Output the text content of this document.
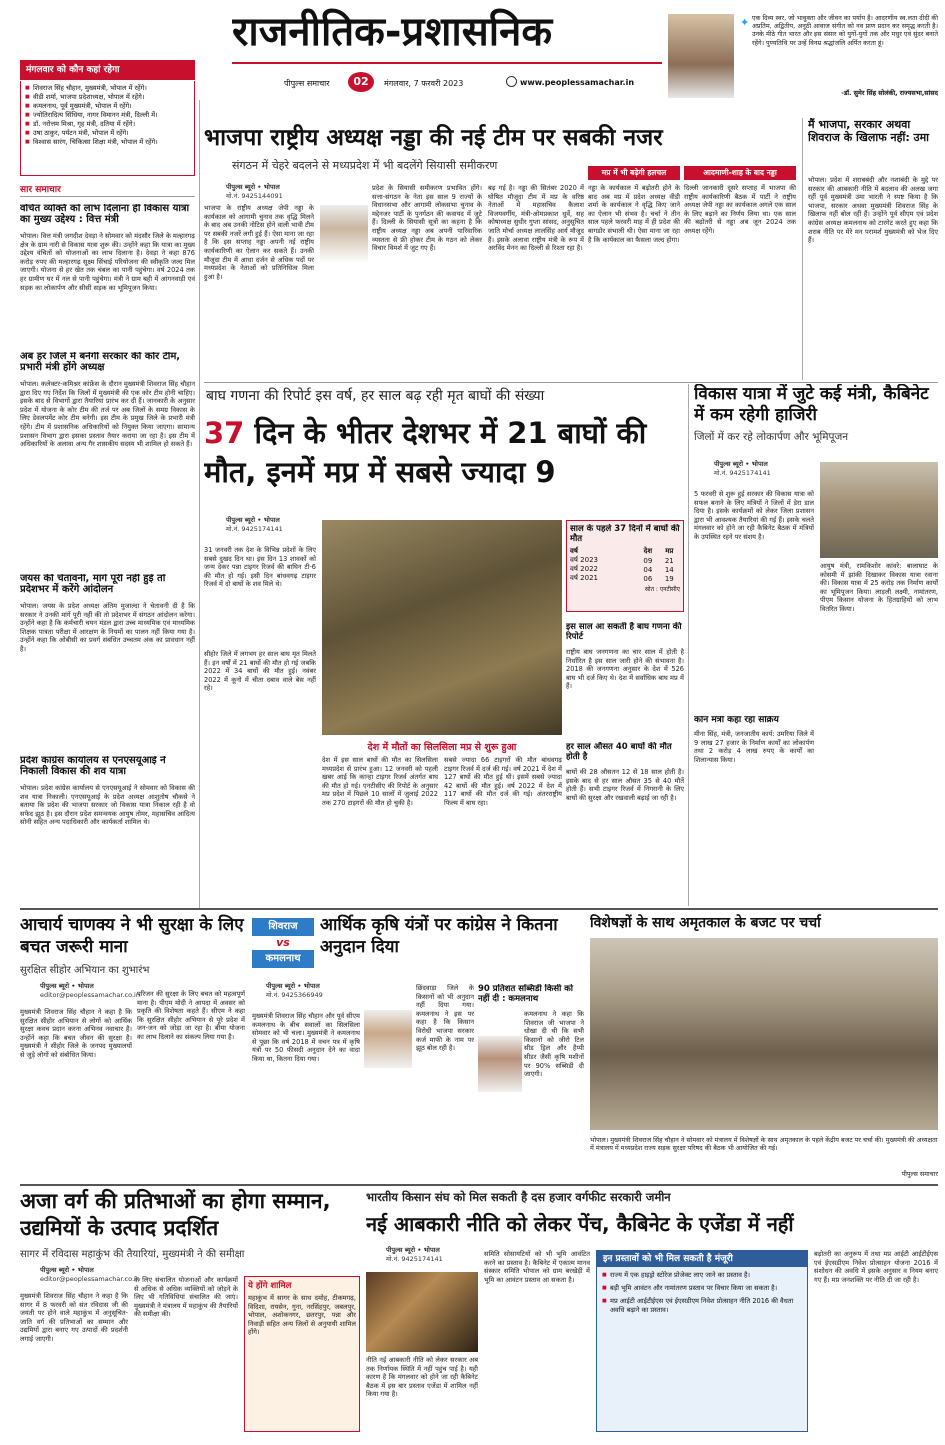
राजनीतिक-प्रशासनिक
पीपुल्स समाचार	02	मंगलवार, 7 फरवरी 2023	www.peoplessamachar.in
मंगलवार को कौन कहां रहेगा
✦ एक दिव्य स्वर, जो भावुक्ता और जीवन का पर्याय है। आदरणीय स्व.लता दीदी की अप्रतिम, अद्वितीय, अनूठी आवाज संगीत को नव प्राण प्रदान कर समृद्ध करती है। उनके मीठे गीत भारत और इस संसार को युगों-युगों तक और मधुर एवं सुंदर बनाते रहेंगे। पुण्यतिथि पर उन्हें विनम्र श्रद्धांजलि अर्पित करता हूं।
-डॉ. सुमेर सिंह सोलंकी, राज्यसभा,सांसद
■ शिवराज सिंह चौहान, मुख्यमंत्री, भोपाल में रहेंगे।
■ वीडी शर्मा, भाजपा प्रदेशाध्यक्ष, भोपाल में रहेंगे।
■ कमलनाथ, पूर्व मुख्यमंत्री, भोपाल में रहेंगे।
■ ज्योतिरादित्य सिंधिया, नागर विमानन मंत्री, दिल्ली में।
■ डॉ. नरोत्तम मिश्रा, गृह मंत्री, दतिया में रहेंगे।
■ उषा ठाकुर, पर्यटन मंत्री, भोपाल में रहेंगे।
■ विश्वास सारंग, चिकित्सा शिक्षा मंत्री, भोपाल में रहेंगे।
सार समाचार
वंचित व्यक्ति को लाभ दिलाना ही विकास यात्रा का मुख्य उद्देश्य : वित्त मंत्री
भोपाल। वित्त मंत्री जगदीश देवड़ा ने सोमवार को मंदसौर जिले के मल्हारगढ़ क्षेत्र के ग्राम नारी से विकास यात्रा शुरू की। उन्होंने कहा कि यात्रा का मुख्य उद्देश्य वंचितों को योजनाओं का लाभ दिलाना है। देवड़ा ने कहा 876 करोड़ रुपए की मल्हारगढ़ सूक्ष्म सिंचाई परियोजना की स्वीकृति जल्द मिल जाएगी। योजना से हर खेत तक चंबल का पानी पहुंचेगा। वर्ष 2024 तक हर ग्रामीण घर में नल से पानी पहुंचेगा। मंत्री ने ग्राम बही में आंगनवाड़ी एवं सड़क का लोकार्पण और सीसी सड़क का भूमिपूजन किया।
अब हर जिले में बनेगी सरकार की कोर टीम, प्रभारी मंत्री होंगे अध्यक्ष
भोपाल। कलेक्टर-कमिश्नर कांफ्रेंस के दौरान मुख्यमंत्री शिवराज सिंह चौहान द्वारा दिए गए निर्देश कि जिलों में मुख्यमंत्री की एक कोर टीम होनी चाहिए। इसके बाद से विभागों द्वारा तैयारियां प्रारंभ कर दी हैं। जानकारी के अनुसार प्रदेश में योजना के कोर टीम की तर्ज पर अब जिलों के समग्र विकास के लिए डेवलपमेंट कोर टीम बनेगी। इस टीम के प्रमुख जिले के प्रभारी मंत्री रहेंगे। टीम में प्रशासनिक अधिकारियों को नियुक्त किया जाएगा। सामान्य प्रशासन विभाग द्वारा इसका प्रस्ताव तैयार कराया जा रहा है। इस टीम में अधिकारियों के अलावा अन्य गैर शासकीय सदस्य भी शामिल हो सकते हैं।
जयस की चेतावनी, मांगें पूरी नहीं हुई तो प्रदेशभर में करेंगे आंदोलन
भोपाल। जयस के प्रदेश अध्यक्ष अंतिम मुजाल्दा ने चेतावनी दी है कि सरकार ने उनकी मांगें पूरी नहीं की तो प्रदेशभर में संगठन आंदोलन करेगा। उन्होंने कहा है कि कर्मचारी चयन मंडल द्वारा उच्च माध्यमिक एवं माध्यमिक शिक्षक पात्रता परीक्षा में आरक्षण के नियमों का पालन नहीं किया गया है। उन्होंने कहा कि ओबीसी का प्रवर्ग संबंधित उच्चतम अंक का प्रावधान नहीं है।
प्रदेश कांग्रेस कार्यालय से एनएसयूआई ने निकाली विकास की शव यात्रा
भोपाल। प्रदेश कांग्रेस कार्यालय से एनएसयूआई ने सोमवार को विकास की शव यात्रा निकाली। एनएसयूआई के प्रदेश अध्यक्ष आशुतोष चौकसे ने बताया कि प्रदेश की भाजपा सरकार जो विकास यात्रा निकाल रही है वो सफेद झूठ है। इस दौरान प्रदेश समन्वयक आयुष तोमर, महासचिव आदित्य सोनी सहित अन्य पदाधिकारी और कार्यकर्ता शामिल थे।
भाजपा राष्ट्रीय अध्यक्ष नड्डा की नई टीम पर सबकी नजर
संगठन में चेहरे बदलने से मध्यप्रदेश में भी बदलेंगे सियासी समीकरण
पीपुल्स ब्यूरो • भोपाल
मो.नं. 9425144091
भाजपा के राष्ट्रीय अध्यक्ष जेपी नड्डा के कार्यकाल को आगामी चुनाव तक वृद्धि मिलने के बाद अब उनकी नोटिस होने वाली भावी टीम पर सबकी नजरें लगी हुई हैं। ऐसा माना जा रहा है कि इस सप्ताह नड्डा अपनी नई राष्ट्रीय कार्यकारिणी का ऐलान कर सकते हैं। उनकी मौजूदा टीम में आधा दर्जन से अधिक पदों पर मध्यप्रदेश के नेताओं को प्रतिनिधित्व मिला हुआ है।
प्रदेश के सियासी समीकरण प्रभावित होंगे। सत्ता-संगठन के नेता इस साल 9 राज्यों के विधानसभा और आगामी लोकसभा चुनाव के मद्देनजर पार्टी के पुनर्गठन की कवायद में जुटे हैं। दिल्ली के सियासी सूत्रों का कहना है कि राष्ट्रीय अध्यक्ष नड्डा अब अपनी पारिवारिक व्यस्तता से फ्री होकर टीम के गठन को लेकर विचार विमर्श में जुट गए हैं।
बढ़ गई है। नड्डा की सितंबर 2020 में घोषित मौजूदा टीम में मप्र के वरिष्ठ नेताओं में महासचिव कैलाश विजयवर्गीय, मंत्री-ओमप्रकाश धुर्वे, सह कोषाध्यक्ष सुधीर गुप्ता सांसद, अनुसूचित जाति मोर्चा अध्यक्ष लालसिंह आर्य मौजूद हैं। इसके अलावा राष्ट्रीय मंत्री के रूप में अरविंद मेनन का दिल्ली से रिश्ता रहा है।
मप्र में भी बढ़ेगी हलचल
नड्डा के कार्यकाल में बढ़ोतरी होने के बाद अब मप्र में प्रदेश अध्यक्ष वीडी शर्मा के कार्यकाल ने वृद्धि किए जाने का ऐलान भी संभव है। चर्चा ने तीन साल पहले फरवरी माह में ही प्रदेश की बागडोर संभाली थी। ऐसा माना जा रहा है कि कार्यकाल का फैसला जल्द होगा।
आदमाणी-शाह के बाद नड्डा
दिल्ली जानकारी दूसरे सप्ताह में भाजपा की राष्ट्रीय कार्यकारिणी बैठक में पार्टी ने राष्ट्रीय अध्यक्ष जेपी नड्डा का कार्यकाल अगले एक साल के लिए बढ़ाने का निर्णय लिया था। एक साल की बढ़ोतरी से नड्डा अब जून 2024 तक अध्यक्ष रहेंगे।
मैं भाजपा, सरकार अथवा शिवराज के खिलाफ नहीं: उमा
भोपाल। प्रदेश में शराबबंदी और नशाबंदी के मुद्दे पर सरकार की आबकारी नीति में बदलाव की अलख जगा रहीं पूर्व मुख्यमंत्री उमा भारती ने स्पष्ट किया है कि भाजपा, सरकार अथवा मुख्यमंत्री शिवराज सिंह के खिलाफ नहीं बोल रहीं हैं। उन्होंने पूर्व सीएम एवं प्रदेश कांग्रेस अध्यक्ष कमलनाथ को टारगेट करते हुए कहा कि शराब नीति पर मेरे मन परामर्श मुख्यमंत्री को भेज दिए हैं।
बाघ गणना की रिपोर्ट इस वर्ष, हर साल बढ़ रही मृत बाघों की संख्या
37 दिन के भीतर देशभर में 21 बाघों की मौत, इनमें मप्र में सबसे ज्यादा 9
पीपुल्स ब्यूरो • भोपाल
मो.नं. 9425174141
31 जनवरी तक देश के विभिन्न प्रदेशों के लिए सबसे दुखद दिन था। इस दिन 13 शावकों को जन्म देकर पन्ना टाइगर रिजर्व की बाघिन टी-6 की मौत हो गई। इसी दिन बांधवगढ़ टाइगर रिजर्व में दो बाघों के शव मिले थे।
सीहोर जिले में लगभग हर साल बाघ मृत मिलते हैं। इन वर्षों में 21 बाघों की मौत हो गई जबकि 2022 में 34 बाघों की मौत हुई। नवंबर 2022 में कूनो में चीता दबाव वाले बेस नहीं रहे।
देश में मौतों का सिलसिला मप्र से शुरू हुआ
देश में इस साल बाघों की मौत का सिलसिला मध्यप्रदेश से प्रारंभ हुआ। 12 जनवरी को पहली खबर आई कि कान्हा टाइगर रिजर्व अंतर्गत बाघ की मौत हो गई। एनटीसीए की रिपोर्ट के अनुसार मप्र प्रदेश में पिछले 10 सालों में जुलाई 2022 तक 270 टाइगरों की मौत हो चुकी है।
सबसे ज्यादा 66 टाइगरों की मौत बांधवगढ़ टाइगर रिजर्व में दर्ज की गई। वर्ष 2021 में देश में 127 बाघों की मौत हुई थी। इसमें सबसे ज्यादा 42 बाघों की मौत हुई। वर्ष 2022 में देश में 117 बाघों की मौत दर्ज की गई। अंतरराष्ट्रीय फिल्म में बाघ रहा।
साल के पहले 37 दिनों में बाघों की मौत
वर्ष	देश	मप्र
वर्ष 2023	09	21
वर्ष 2022	04	14
वर्ष 2021	06	19
स्रोत : एनटीसीए
इस साल आ सकती है बाघ गणना की रिपोर्ट
राष्ट्रीय बाघ जनगणना का चार साल में होती है निर्धारित है इस साल जारी होने की संभावना है। 2018 की जनगणना अनुसार के देश में 526 बाघ भी दर्ज किए थे। देश में सर्वाधिक बाघ मप्र में हैं।
हर साल औसत 40 बाघों की मौत होती है
बाघों की 28 औसतन 12 से 18 साल होती है। इसके बाद से हर साल औसत 35 से 40 मौतें होती हैं। सभी टाइगर रिजर्व में निगरानी के लिए बाघों की सुरक्षा और रखवाली बढ़ाई जा रही है।
विकास यात्रा में जुटे कई मंत्री, कैबिनेट में कम रहेगी हाजिरी
जिलों में कर रहे लोकार्पण और भूमिपूजन
पीपुल्स ब्यूरो • भोपाल
मो.नं. 9425174141
5 फरवरी से शुरू हुई सरकार की विकास यात्रा को सफल बनाने के लिए मंत्रियों ने जिलों में डेरा डाल दिया है। इसके कार्यक्रमों को लेकर जिला प्रशासन द्वारा भी आवश्यक तैयारियां की गई हैं। इसके चलते मंगलवार को होने जा रही कैबिनेट बैठक में मंत्रियों के उपस्थित रहने पर संशय है।
कौन मंत्री कहां रहा सक्रिय
मीना सिंह, मंत्री, जनजातीय कार्य: उमरिया जिले में 9 लाख 27 हजार के निर्माण कार्यों का लोकार्पण तथा 2 करोड़ 4 लाख रुपए के कार्यों का शिलान्यास किया।
आयुष मंत्री, रामकिशोर कांवरे: बालाघाट के कोसमी में झांकी दिखाकर विकास यात्रा रवाना की। विकास यात्रा में 25 करोड़ तक निर्माण कार्यों का भूमिपूजन किया। लाड़ली लक्ष्मी, नामांतरण, पीएम किसान योजना के हितग्राहियों को लाभ वितरित किया।
आचार्य चाणक्य ने भी सुरक्षा के लिए बचत जरूरी माना
सुरक्षित सीहोर अभियान का शुभारंभ
पीपुल्स ब्यूरो • भोपाल
editor@peoplessamachar.co.in
मुख्यमंत्री शिवराज सिंह चौहान ने कहा है कि सुरक्षित सीहोर अभियान से लोगों को आर्थिक सुरक्षा कवच प्रदान करना अभिनव नवाचार है। उन्होंने कहा कि बचत जीवन की सुरक्षा है। मुख्यमंत्री ने सीहोर जिले के जनपद मुख्यालयों से जुड़े लोगों को संबोधित किया।
परिजन की सुरक्षा के लिए बचत को महत्वपूर्ण माना है। पीएम मोदी ने आपदा में अवसर को प्रकृति की विशेषता कहते हैं। सीएम ने कहा कि सुरक्षित सीहोर अभियान से पूरे प्रदेश में जन-जन को जोड़ा जा रहा है। बीमा योजना का लाभ दिलाने का संकल्प लिया गया है।
शिवराज
vs
कमलनाथ
आर्थिक कृषि यंत्रों पर कांग्रेस ने कितना अनुदान दिया
पीपुल्स ब्यूरो • भोपाल
मो.नं. 9425366949
मुख्यमंत्री शिवराज सिंह चौहान और पूर्व सीएम कमलनाथ के बीच सवालों का सिलसिला सोमवार को भी चला। मुख्यमंत्री ने कमलनाथ से पूछा कि वर्ष 2018 में वचन पत्र में कृषि यंत्रों पर 50 फीसदी अनुदान देने का वादा किया था, कितना दिया गया।
छिंदवाड़ा जिले के किसानों को भी अनुदान नहीं दिया गया। कमलनाथ ने इस पर कहा है कि किसान विरोधी भाजपा सरकार कर्ज माफी के नाम पर झूठ बोल रही है।
90 प्रतिशत सब्सिडी किसी को नहीं दी : कमलनाथ
कमलनाथ ने कहा कि शिवराज जी भाजपा ने धोखा दी थी कि सभी किसानों को जीरो टिल सीड ड्रिल और हैप्पी सीडर जैसी कृषि मशीनों पर 90% सब्सिडी दी जाएगी।
विशेषज्ञों के साथ अमृतकाल के बजट पर चर्चा
भोपाल। मुख्यमंत्री शिवराज सिंह चौहान ने सोमवार को मंत्रालय में विशेषज्ञों के साथ अमृतकाल के पहले केंद्रीय बजट पर चर्चा की। मुख्यमंत्री की अध्यक्षता में मंत्रालय में मध्यप्रदेश राज्य सड़क सुरक्षा परिषद की बैठक भी आयोजित की गई।
पीपुल्स समाचार
अजा वर्ग की प्रतिभाओं का होगा सम्मान, उद्यमियों के उत्पाद प्रदर्शित
सागर में रविदास महाकुंभ की तैयारियां, मुख्यमंत्री ने की समीक्षा
पीपुल्स ब्यूरो • भोपाल
editor@peoplessamachar.co.in
मुख्यमंत्री शिवराज सिंह चौहान ने कहा है कि सागर में 8 फरवरी को संत रविदास जी की जयंती पर होने वाले महाकुंभ में अनुसूचित-जाति वर्ग की प्रतिभाओं का सम्मान और उद्यमियों द्वारा बनाए गए उत्पादों की प्रदर्शनी लगाई जाएगी।
के लिए संचालित योजनाओं और कार्यक्रमों से अधिक से अधिक व्यक्तियों को जोड़ने के लिए भी गतिविधियां संचालित की जाएं। मुख्यमंत्री ने मंत्रालय में महाकुंभ की तैयारियों की समीक्षा की।
ये होंगे शामिल
महाकुंभ में सागर के साथ दमोह, टीकमगढ़, विदिशा, रायसेन, गुना, नरसिंहपुर, जबलपुर, भोपाल, अशोकनगर, छतरपुर, पन्ना और निवाड़ी सहित अन्य जिलों से अनुयायी शामिल होंगे।
भारतीय किसान संघ को मिल सकती है दस हजार वर्गफीट सरकारी जमीन
नई आबकारी नीति को लेकर पेंच, कैबिनेट के एजेंडा में नहीं
पीपुल्स ब्यूरो • भोपाल
मो.नं. 9425174141
नीति नई आबकारी नीति को लेकर सरकार अब तक निर्णायक स्थिति में नहीं पहुंच पाई है। यही कारण है कि मंगलवार को होने जा रही कैबिनेट बैठक में इस बार प्रस्ताव एजेंडा में शामिल नहीं किया गया है।
समिति सोसायटियों को भी भूमि आवंटित करने का प्रस्ताव है। कैबिनेट में एकात्म मानव संस्कार समिति भोपाल को ग्राम बरखेड़ी में भूमि का आवंटन प्रस्ताव आ सकता है।
इन प्रस्तावों को भी मिल सकती है मंजूरी
■ राज्य में एक हाइड्रो स्टोरेज प्रोजेक्ट लाए जाने का प्रस्ताव है।
■ बड़ी भूमि आवंटन और नामांतरण प्रस्ताव पर विचार किया जा सकता है।
■ मप्र आईटी आईटीईएस एवं ईएसडीएम निवेश प्रोत्साहन नीति 2016 की वैधता अवधि बढ़ाने का प्रस्ताव।
बढ़ोतरी का अनुरूप में तथा मप्र आईटी आईटीईएस एवं ईएसडीएम निवेश प्रोत्साहन योजना 2016 में संशोधन की अवधि में इसके अनुसार व नियम बनाए गए हैं। मप्र जनशक्ति पर नीति दी जा रही है।
